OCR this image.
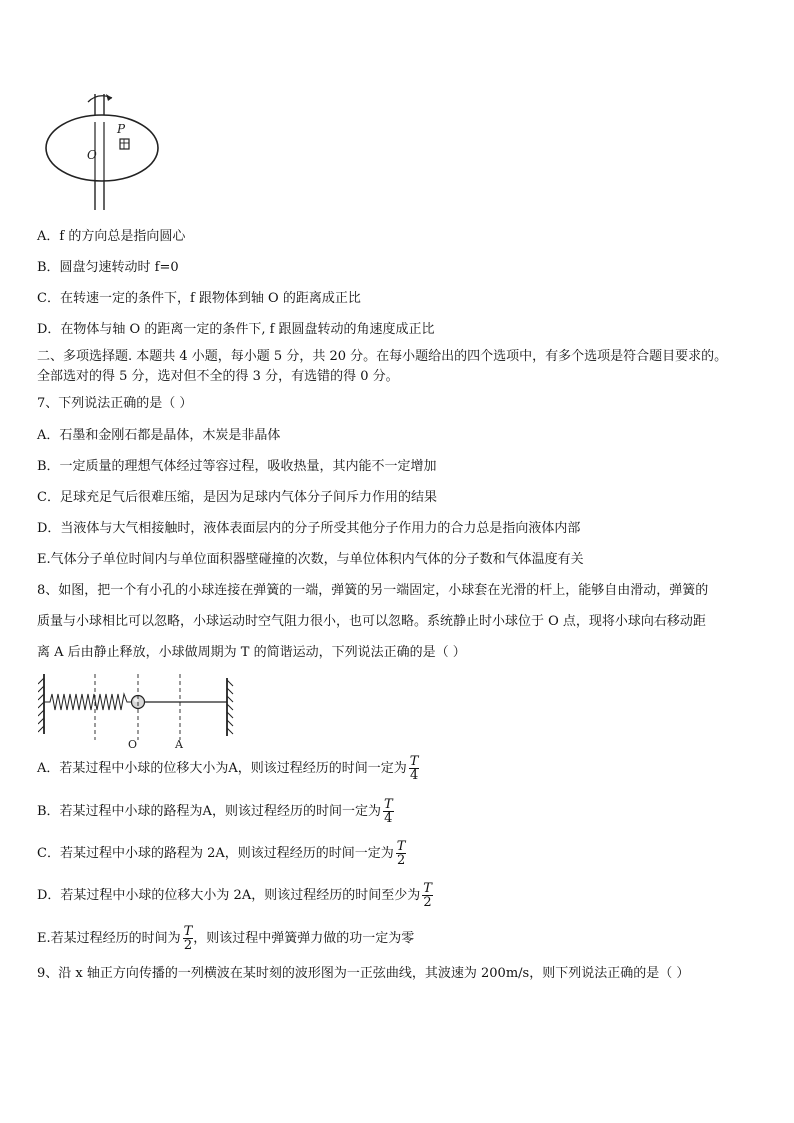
P
O
A．f 的方向总是指向圆心
B．圆盘匀速转动时 f=0
C．在转速一定的条件下，f 跟物体到轴 O 的距离成正比
D．在物体与轴 O 的距离一定的条件下, f 跟圆盘转动的角速度成正比
二、多项选择题. 本题共 4 小题，每小题 5 分，共 20 分。在每小题给出的四个选项中，有多个选项是符合题目要求的。
全部选对的得 5 分，选对但不全的得 3 分，有选错的得 0 分。
7、下列说法正确的是（ ）
A．石墨和金刚石都是晶体，木炭是非晶体
B．一定质量的理想气体经过等容过程，吸收热量，其内能不一定增加
C．足球充足气后很难压缩，是因为足球内气体分子间斥力作用的结果
D．当液体与大气相接触时，液体表面层内的分子所受其他分子作用力的合力总是指向液体内部
E.气体分子单位时间内与单位面积器壁碰撞的次数，与单位体积内气体的分子数和气体温度有关
8、如图，把一个有小孔的小球连接在弹簧的一端，弹簧的另一端固定，小球套在光滑的杆上，能够自由滑动，弹簧的
质量与小球相比可以忽略，小球运动时空气阻力很小，也可以忽略。系统静止时小球位于 O 点，现将小球向右移动距
离 A 后由静止释放，小球做周期为 T 的简谐运动，下列说法正确的是（ ）
O	A
A．若某过程中小球的位移大小为A，则该过程经历的时间一定为 $\frac{T}{4}$
B．若某过程中小球的路程为A，则该过程经历的时间一定为 $\frac{T}{4}$
C．若某过程中小球的路程为 2A，则该过程经历的时间一定为 $\frac{T}{2}$
D．若某过程中小球的位移大小为 2A，则该过程经历的时间至少为 $\frac{T}{2}$
E.若某过程经历的时间为 $\frac{T}{2}$ ，则该过程中弹簧弹力做的功一定为零
9、沿 x 轴正方向传播的一列横波在某时刻的波形图为一正弦曲线，其波速为 200m/s，则下列说法正确的是（ ）
